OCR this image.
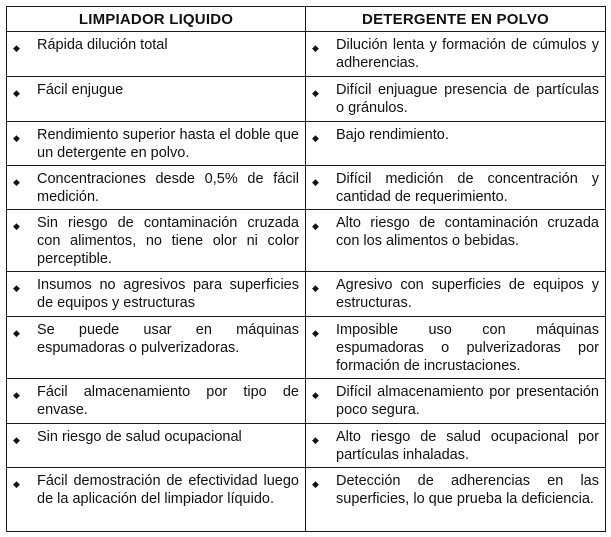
LIMPIADOR LIQUIDO	DETERGENTE EN POLVO

◆ Rápida dilución total	◆ Dilución lenta y formación de cúmulos y adherencias.

◆ Fácil enjugue	◆ Difícil enjuague presencia de partículas o gránulos.

◆ Rendimiento superior hasta el doble que un detergente en polvo.	◆ Bajo rendimiento.

◆ Concentraciones desde 0,5% de fácil medición.	◆ Difícil medición de concentración y cantidad de requerimiento.

◆ Sin riesgo de contaminación cruzada con alimentos, no tiene olor ni color perceptible.	◆ Alto riesgo de contaminación cruzada con los alimentos o bebidas.

◆ Insumos no agresivos para superficies de equipos y estructuras	◆ Agresivo con superficies de equipos y estructuras.

◆ Se puede usar en máquinas espumadoras o pulverizadoras.	◆ Imposible uso con máquinas espumadoras o pulverizadoras por formación de incrustaciones.

◆ Fácil almacenamiento por tipo de envase.	◆ Difícil almacenamiento por presentación poco segura.

◆ Sin riesgo de salud ocupacional	◆ Alto riesgo de salud ocupacional por partículas inhaladas.

◆ Fácil demostración de efectividad luego de la aplicación del limpiador líquido.	◆ Detección de adherencias en las superficies, lo que prueba la deficiencia.
